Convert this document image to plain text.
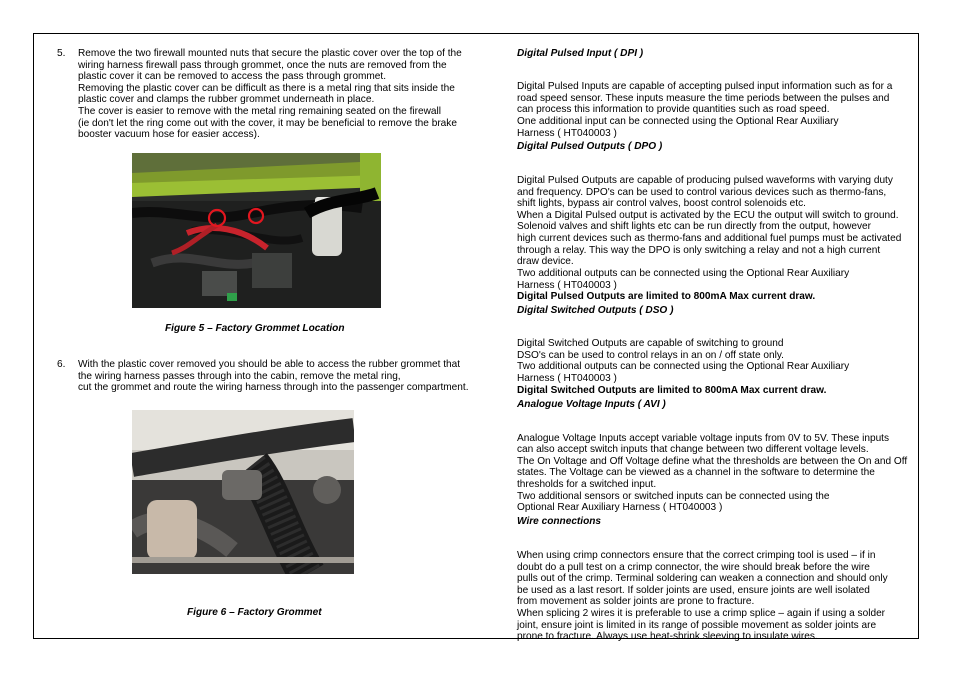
5. Remove the two firewall mounted nuts that secure the plastic cover over the top of the

wiring harness firewall pass through grommet, once the nuts are removed from the

plastic cover it can be removed to access the pass through grommet.

Removing the plastic cover can be difficult as there is a metal ring that sits inside the

plastic cover and clamps the rubber grommet underneath in place.

The cover is easier to remove with the metal ring remaining seated on the firewall

(ie don't let the ring come out with the cover, it may be beneficial to remove the brake

booster vacuum hose for easier access).

Figure 5 – Factory Grommet Location
6. With the plastic cover removed you should be able to access the rubber grommet that

the wiring harness passes through into the cabin, remove the metal ring,

cut the grommet and route the wiring harness through into the passenger compartment.

Figure 6 – Factory Grommet
Digital Pulsed Input ( DPI )

Digital Pulsed Inputs are capable of accepting pulsed input information such as for a

road speed sensor. These inputs measure the time periods between the pulses and

can process this information to provide quantities such as road speed.

One additional input can be connected using the Optional Rear Auxiliary

Harness ( HT040003 )

Digital Pulsed Outputs ( DPO )

Digital Pulsed Outputs are capable of producing pulsed waveforms with varying duty

and frequency. DPO's can be used to control various devices such as thermo-fans,

shift lights, bypass air control valves, boost control solenoids etc.

When a Digital Pulsed output is activated by the ECU the output will switch to ground.

Solenoid valves and shift lights etc can be run directly from the output, however

high current devices such as thermo-fans and additional fuel pumps must be activated

through a relay. This way the DPO is only switching a relay and not a high current

draw device.

Two additional outputs can be connected using the Optional Rear Auxiliary

Harness ( HT040003 )

Digital Pulsed Outputs are limited to 800mA Max current draw.

Digital Switched Outputs ( DSO )

Digital Switched Outputs are capable of switching to ground

DSO's can be used to control relays in an on / off state only.

Two additional outputs can be connected using the Optional Rear Auxiliary

Harness ( HT040003 )

Digital Switched Outputs are limited to 800mA Max current draw.

Analogue Voltage Inputs ( AVI )

Analogue Voltage Inputs accept variable voltage inputs from 0V to 5V. These inputs

can also accept switch inputs that change between two different voltage levels.

The On Voltage and Off Voltage define what the thresholds are between the On and Off

states. The Voltage can be viewed as a channel in the software to determine the

thresholds for a switched input.

Two additional sensors or switched inputs can be connected using the

Optional Rear Auxiliary Harness ( HT040003 )

Wire connections

When using crimp connectors ensure that the correct crimping tool is used – if in

doubt do a pull test on a crimp connector, the wire should break before the wire

pulls out of the crimp. Terminal soldering can weaken a connection and should only

be used as a last resort. If solder joints are used, ensure joints are well isolated

from movement as solder joints are prone to fracture.

When splicing 2 wires it is preferable to use a crimp splice – again if using a solder

joint, ensure joint is limited in its range of possible movement as solder joints are

prone to fracture. Always use heat-shrink sleeving to insulate wires.
